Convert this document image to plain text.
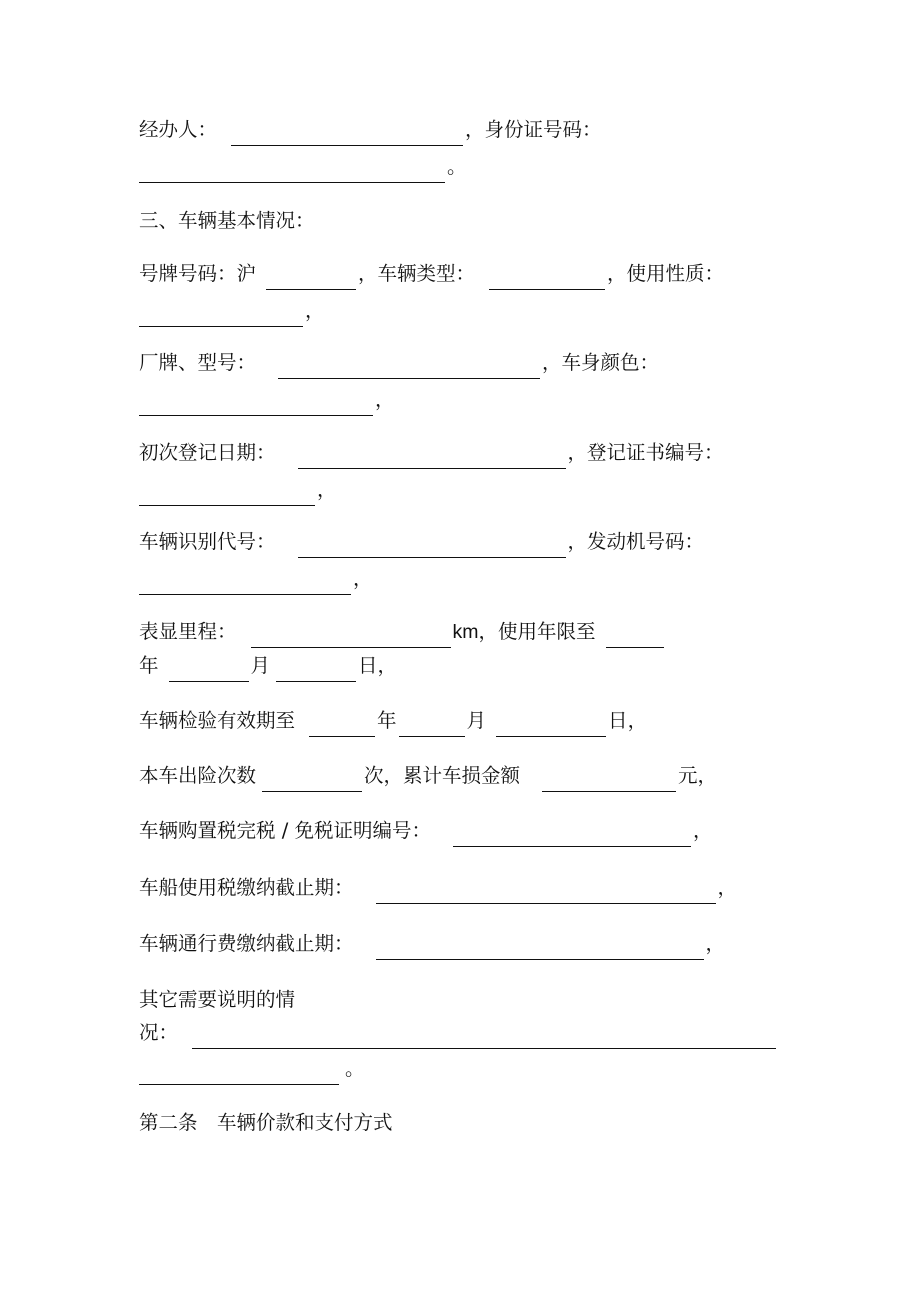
经办人：	，身份证号码：
。
三、车辆基本情况：
号牌号码：沪	，车辆类型：	，使用性质：
，
厂牌、型号：	，车身颜色：
，
初次登记日期：	，登记证书编号：
，
车辆识别代号：	，发动机号码：
，
表显里程：	km，使用年限至
年	月	日，
车辆检验有效期至	年	月	日，
本车出险次数	次，累计车损金额	元，
车辆购置税完税 / 免税证明编号：	，
车船使用税缴纳截止期：	，
车辆通行费缴纳截止期：	，
其它需要说明的情
况：
。
第二条　车辆价款和支付方式
